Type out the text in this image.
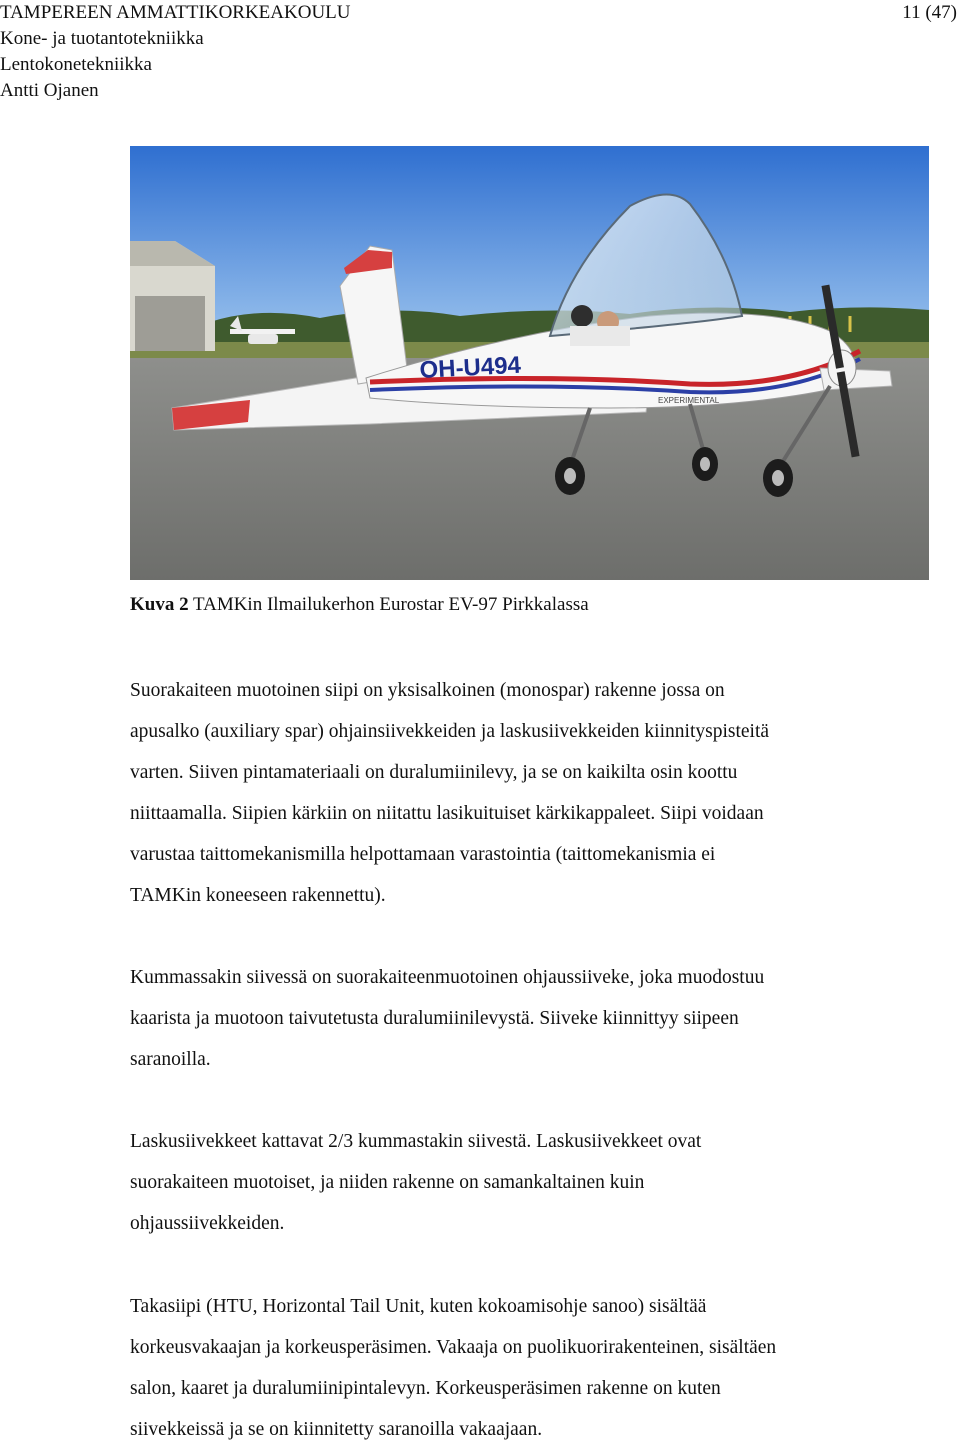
TAMPEREEN AMMATTIKORKEAKOULU
Kone- ja tuotantotekniikka
Lentokonetekniikka
Antti Ojanen
11 (47)
OH-U494
EXPERIMENTAL
Kuva 2 TAMKin Ilmailukerhon Eurostar EV-97 Pirkkalassa

Suorakaiteen muotoinen siipi on yksisalkoinen (monospar) rakenne jossa on
apusalko (auxiliary spar) ohjainsiivekkeiden ja laskusiivekkeiden kiinnityspisteitä
varten. Siiven pintamateriaali on duralumiinilevy, ja se on kaikilta osin koottu
niittaamalla. Siipien kärkiin on niitattu lasikuituiset kärkikappaleet. Siipi voidaan
varustaa taittomekanismilla helpottamaan varastointia (taittomekanismia ei
TAMKin koneeseen rakennettu).

Kummassakin siivessä on suorakaiteenmuotoinen ohjaussiiveke, joka muodostuu
kaarista ja muotoon taivutetusta duralumiinilevystä. Siiveke kiinnittyy siipeen
saranoilla.

Laskusiivekkeet kattavat 2/3 kummastakin siivestä. Laskusiivekkeet ovat
suorakaiteen muotoiset, ja niiden rakenne on samankaltainen kuin
ohjaussiivekkeiden.

Takasiipi (HTU, Horizontal Tail Unit, kuten kokoamisohje sanoo) sisältää
korkeusvakaajan ja korkeusperäsimen. Vakaaja on puolikuorirakenteinen, sisältäen
salon, kaaret ja duralumiinipintalevyn. Korkeusperäsimen rakenne on kuten
siivekkeissä ja se on kiinnitetty saranoilla vakaajaan.
